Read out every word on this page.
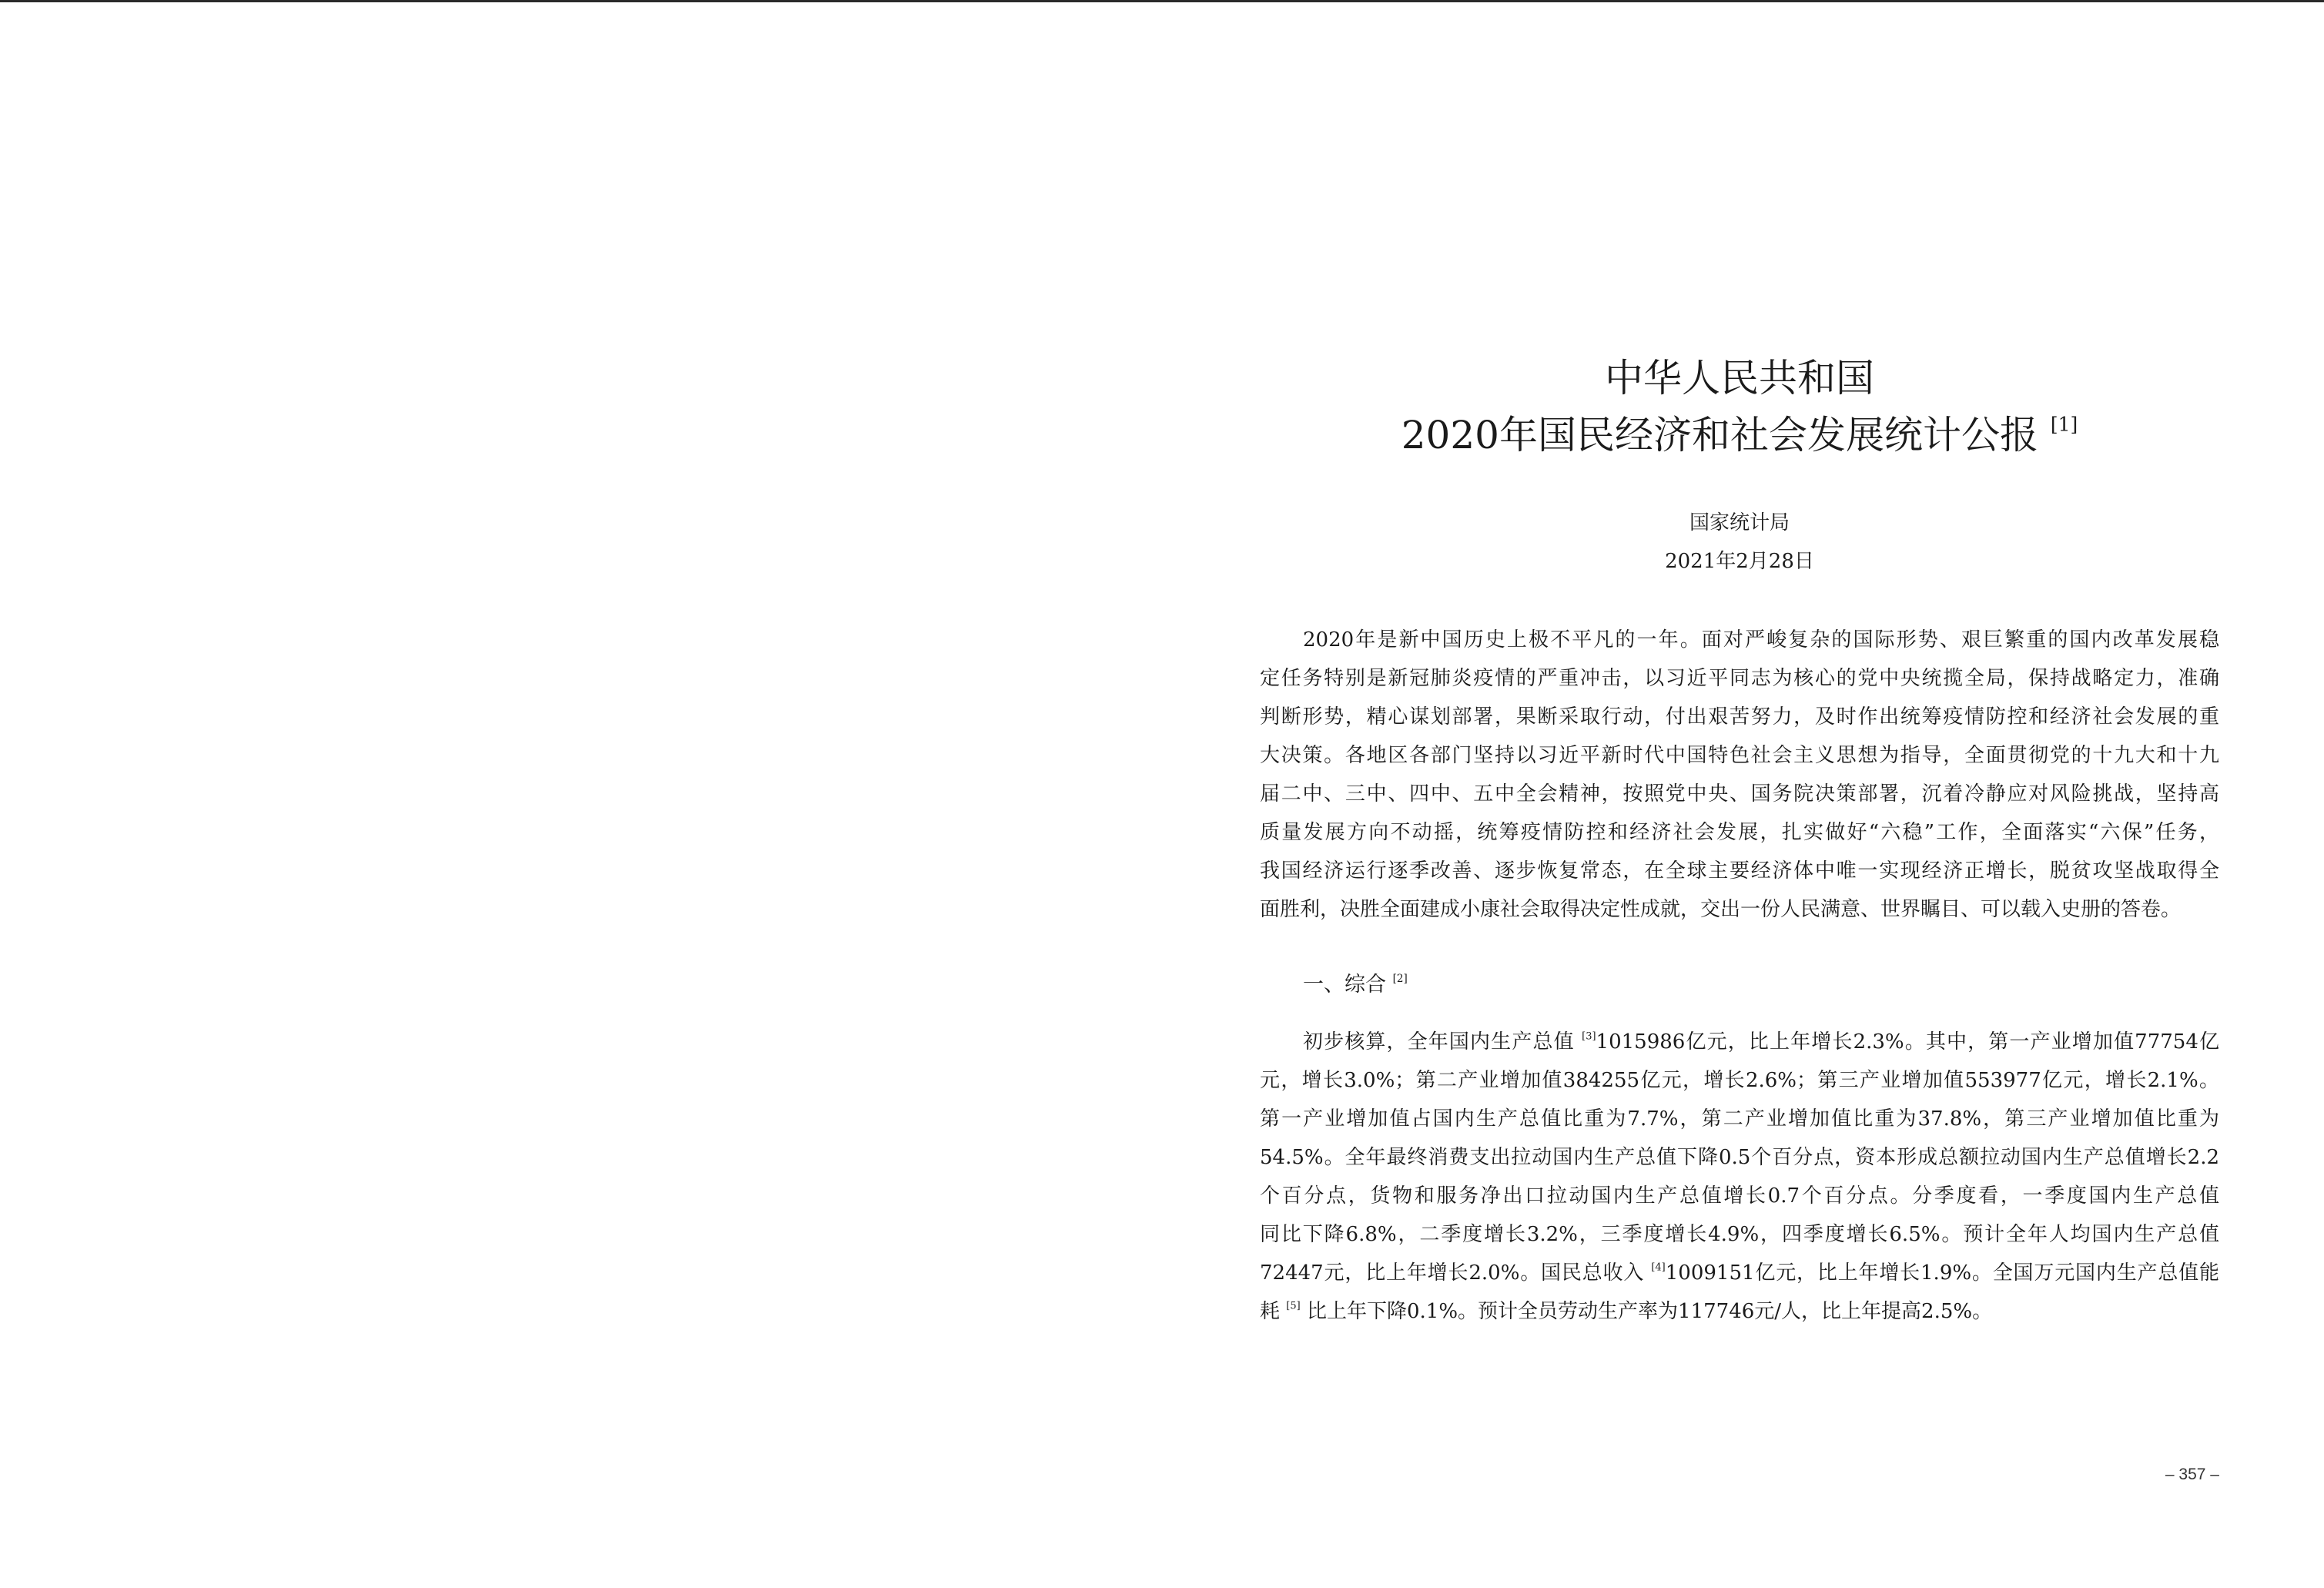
中华人民共和国
2020年国民经济和社会发展统计公报 [1]
国家统计局
2021年2月28日
2020年是新中国历史上极不平凡的一年。面对严峻复杂的国际形势、艰巨繁重的国内改革发展稳
定任务特别是新冠肺炎疫情的严重冲击，以习近平同志为核心的党中央统揽全局，保持战略定力，准确
判断形势，精心谋划部署，果断采取行动，付出艰苦努力，及时作出统筹疫情防控和经济社会发展的重
大决策。各地区各部门坚持以习近平新时代中国特色社会主义思想为指导，全面贯彻党的十九大和十九
届二中、三中、四中、五中全会精神，按照党中央、国务院决策部署，沉着冷静应对风险挑战，坚持高
质量发展方向不动摇，统筹疫情防控和经济社会发展，扎实做好“六稳”工作，全面落实“六保”任务，
我国经济运行逐季改善、逐步恢复常态，在全球主要经济体中唯一实现经济正增长，脱贫攻坚战取得全
面胜利，决胜全面建成小康社会取得决定性成就，交出一份人民满意、世界瞩目、可以载入史册的答卷。
一、综合 [2]
初步核算，全年国内生产总值 [3]1015986亿元，比上年增长2.3%。其中，第一产业增加值77754亿
元，增长3.0%；第二产业增加值384255亿元，增长2.6%；第三产业增加值553977亿元，增长2.1%。
第一产业增加值占国内生产总值比重为7.7%，第二产业增加值比重为37.8%，第三产业增加值比重为
54.5%。全年最终消费支出拉动国内生产总值下降0.5个百分点，资本形成总额拉动国内生产总值增长2.2
个百分点，货物和服务净出口拉动国内生产总值增长0.7个百分点。分季度看，一季度国内生产总值
同比下降6.8%，二季度增长3.2%，三季度增长4.9%，四季度增长6.5%。预计全年人均国内生产总值
72447元，比上年增长2.0%。国民总收入 [4]1009151亿元，比上年增长1.9%。全国万元国内生产总值能
耗 [5] 比上年下降0.1%。预计全员劳动生产率为117746元/人，比上年提高2.5%。
– 357 –
